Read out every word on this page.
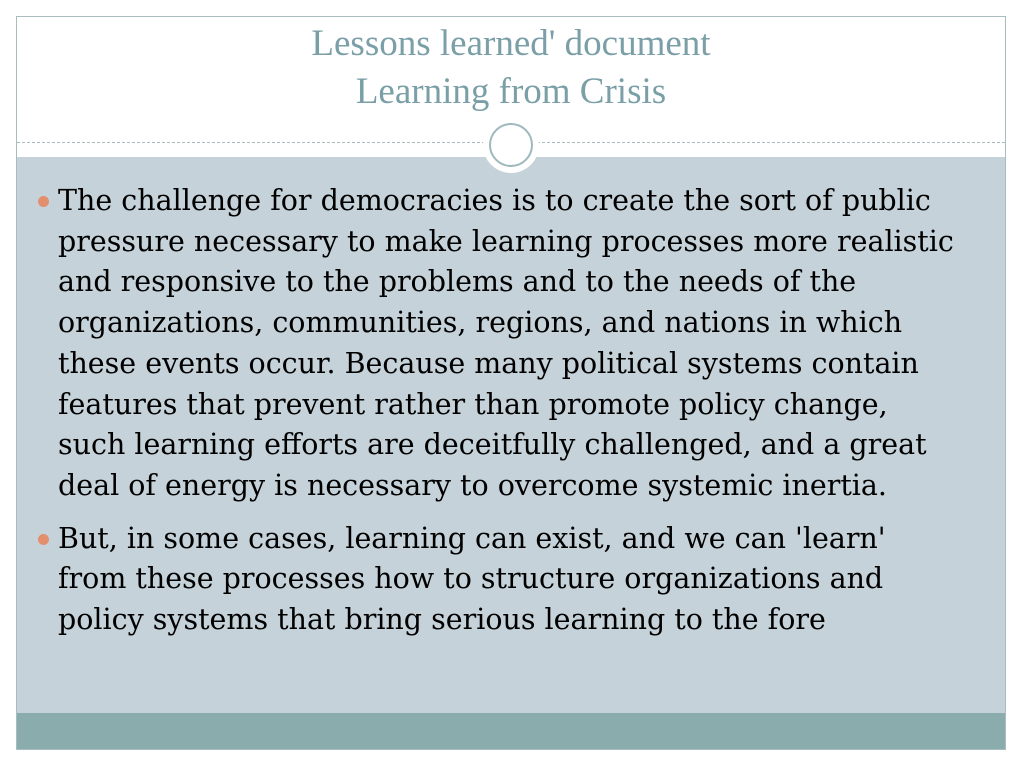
Lessons learned' document

Learning from Crisis

The challenge for democracies is to create the sort of public pressure necessary to make learning processes more realistic and responsive to the problems and to the needs of the organizations, communities, regions, and nations in which these events occur. Because many political systems contain features that prevent rather than promote policy change, such learning efforts are deceitfully challenged, and a great deal of energy is necessary to overcome systemic inertia.
But, in some cases, learning can exist, and we can 'learn' from these processes how to structure organizations and policy systems that bring serious learning to the fore
